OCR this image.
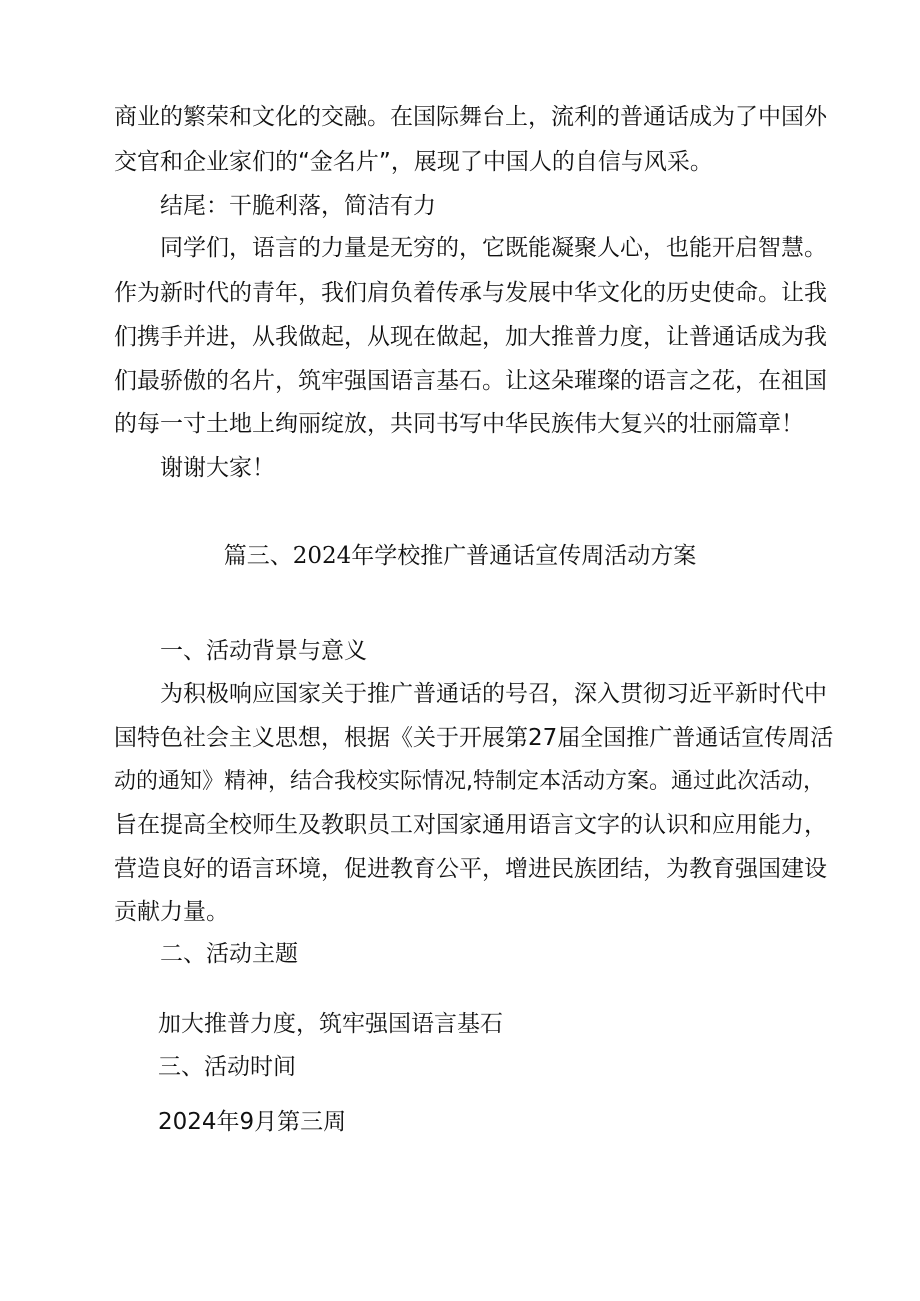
商业的繁荣和文化的交融。在国际舞台上，流利的普通话成为了中国外

交官和企业家们的“金名片”，展现了中国人的自信与风采。

结尾：干脆利落，简洁有力

同学们，语言的力量是无穷的，它既能凝聚人心，也能开启智慧。

作为新时代的青年，我们肩负着传承与发展中华文化的历史使命。让我

们携手并进，从我做起，从现在做起，加大推普力度，让普通话成为我

们最骄傲的名片，筑牢强国语言基石。让这朵璀璨的语言之花，在祖国

的每一寸土地上绚丽绽放，共同书写中华民族伟大复兴的壮丽篇章！

谢谢大家！

篇三、2024年学校推广普通话宣传周活动方案

一、活动背景与意义

为积极响应国家关于推广普通话的号召，深入贯彻习近平新时代中

国特色社会主义思想，根据《关于开展第27届全国推广普通话宣传周活

动的通知》精神，结合我校实际情况,特制定本活动方案。通过此次活动，

旨在提高全校师生及教职员工对国家通用语言文字的认识和应用能力，

营造良好的语言环境，促进教育公平，增进民族团结，为教育强国建设

贡献力量。

二、活动主题

加大推普力度，筑牢强国语言基石

三、活动时间

2024年9月第三周
